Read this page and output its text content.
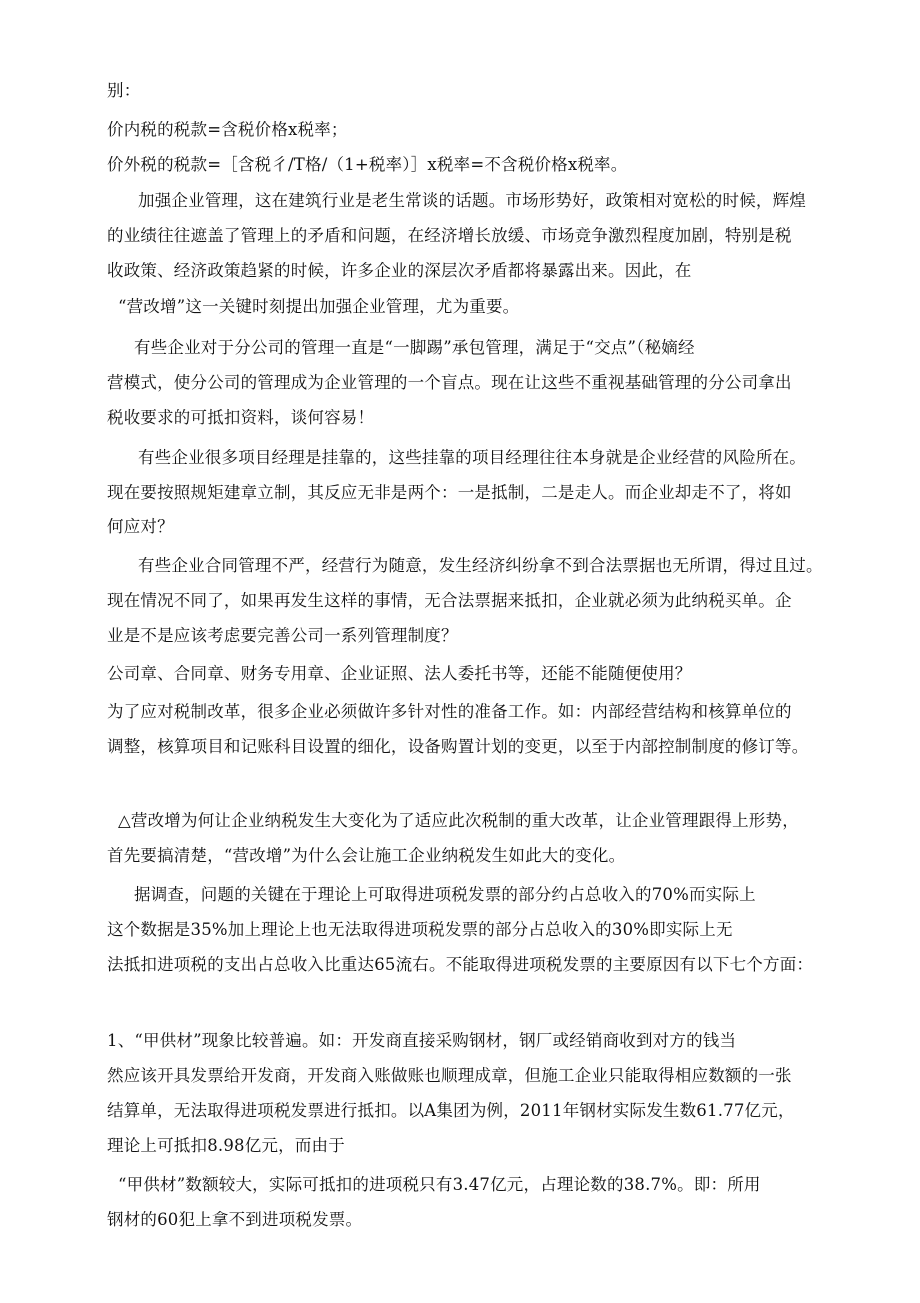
别：
价内税的税款=含税价格x税率；
价外税的税款=［含税彳/T格/（1+税率）］x税率=不含税价格x税率。
加强企业管理，这在建筑行业是老生常谈的话题。市场形势好，政策相对宽松的时候，辉煌
的业绩往往遮盖了管理上的矛盾和问题，在经济增长放缓、市场竞争激烈程度加剧，特别是税
收政策、经济政策趋紧的时候，许多企业的深层次矛盾都将暴露出来。因此，在
“营改增”这一关键时刻提出加强企业管理，尤为重要。
有些企业对于分公司的管理一直是“一脚踢”承包管理，满足于“交点”（秘嫡经
营模式，使分公司的管理成为企业管理的一个盲点。现在让这些不重视基础管理的分公司拿出
税收要求的可抵扣资料，谈何容易！
有些企业很多项目经理是挂靠的，这些挂靠的项目经理往往本身就是企业经营的风险所在。
现在要按照规矩建章立制，其反应无非是两个：一是抵制，二是走人。而企业却走不了，将如
何应对？
有些企业合同管理不严，经营行为随意，发生经济纠纷拿不到合法票据也无所谓，得过且过。
现在情况不同了，如果再发生这样的事情，无合法票据来抵扣，企业就必须为此纳税买单。企
业是不是应该考虑要完善公司一系列管理制度？
公司章、合同章、财务专用章、企业证照、法人委托书等，还能不能随便使用？
为了应对税制改革，很多企业必须做许多针对性的准备工作。如：内部经营结构和核算单位的
调整，核算项目和记账科目设置的细化，设备购置计划的变更，以至于内部控制制度的修订等。
△营改增为何让企业纳税发生大变化为了适应此次税制的重大改革，让企业管理跟得上形势，
首先要搞清楚，“营改增”为什么会让施工企业纳税发生如此大的变化。
据调查，问题的关键在于理论上可取得进项税发票的部分约占总收入的70%而实际上
这个数据是35%加上理论上也无法取得进项税发票的部分占总收入的30%即实际上无
法抵扣进项税的支出占总收入比重达65流右。不能取得进项税发票的主要原因有以下七个方面：
1、“甲供材”现象比较普遍。如：开发商直接采购钢材，钢厂或经销商收到对方的钱当
然应该开具发票给开发商，开发商入账做账也顺理成章，但施工企业只能取得相应数额的一张
结算单，无法取得进项税发票进行抵扣。以A集团为例，2011年钢材实际发生数61.77亿元，
理论上可抵扣8.98亿元，而由于
“甲供材”数额较大，实际可抵扣的进项税只有3.47亿元，占理论数的38.7%。即：所用
钢材的60犯上拿不到进项税发票。
